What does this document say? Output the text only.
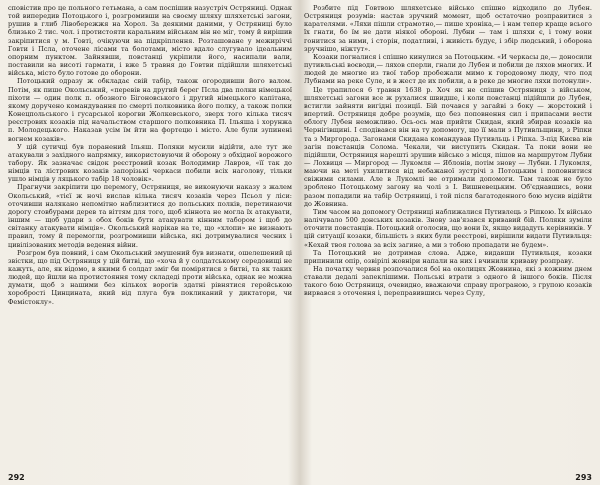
сповістив про це польного гетьмана, а сам поспішив назустріч Остряниці. Однак той випередив Потоцького і, розгромивши на своєму шляху шляхетські загони, рушив в глиб Лівобережжя на Хорол. За деякими даними, у Остряниці було близько 2 тис. чол. і протистояти каральним військам він не міг, тому й вирішив закріпитися у м. Говті, очікуючи на підкріплення. Розташоване у межиріччі Говти і Псла, оточене лісами та болотами, місто вдало слугувало ідеальним опорним пунктом. Зайнявши, повстанці укріпили його, насипали вали, поставили на висоті гармати, і вже 5 травня до Говтви підійшли шляхетські війська, місто було готове до оборони.

Потоцький одразу ж обкладає свій табір, також огородивши його валом. Потім, як пише Окольський, «перевів на другий берег Псла два полки німецької піхоти — один полк п. обозного Бігоновського і другий німецького капітана, якому доручено командування по смерті полковника його полку, а також полки Конецпольського і гусарської корогви Жолкевського, зверх того кілька тисяч реєстрових козаків під начальством старшого полковника П. Ільяша і хорунжа п. Молодецького. Наказав усім їм йти на фортецю і місто. Але були зупинені вогнем козаків».

У цій сутичці був поранений Ільяш. Поляки мусили відійти, але тут же атакували з західного напрямку, використовуючи й оборону з обхідної ворожого табору. Як зазначає свідок реєстровий козак Володимир Лавров, «її так до німців та лістрових козаків запорізькі черкаси побили всіх наголову, тільки ушло німців у ляцького табір 18 чоловік».

Прагнучи закріпити цю перемогу, Остряниця, не виконуючи наказу з жалем Окольський, «тієї ж ночі вислав кілька тисяч козаків через Псьол у ліси: оточивши налякано непомітно наблизитися до польських полків, перетинаючи дорогу стовбурами дерев та віттям для того, щоб кіннота не могла їх атакувати, іншим — щоб удари з обох боків бути атакувати кінним табором і щоб до світанку атакувати німців». Окольський нарікав на те, що «хлопи» не визнають правил, тому й перемогли, розгромивши війська, які дотримувалися чесних і цивілізованих методів ведення війни.

Розгром був повний, і сам Окольський змушений був визнати, ошелешений ці звістки, що під Остряниця у цій битві, що «хоча й у солдатському середовищі не кажуть, але, як відомо, в якими б солдат зміг би помірятися з битві, та як таких людей, що йшли на протистояння тому складеді проти війська, однак не можна думати, щоб з нашими без кількох ворогів здатні рівнятися геройською хоробрості Цинцината, який від плуга був покликаний у диктатори, чи Фемістоклу».

292

Розбите під Говтвою шляхетське військо спішно відходило до Лубен. Остряниця розумів: настав зручний момент, щоб остаточно розправитися з карателями. «Ляхи пішли страмотно,— пише хроніка,— і нам тепер краще всього їх гнати, бо їм не дати ніякої обороні. Лубни — там і шляхи є, і тому вони гонитися за ними, і сторін, податливі, і живість будує, і збір людський, і оборона зручнішо, ніжтут».

Козаки погналися і спішно кинулися за Потоцьким. «И черкасы де,— доносили путивльські воєводи,— ляхов сперли, гнали до Лубен и побили де ляхов многих. И людей де многие из твої табор пробежали мимо к городовому люду, что под Лубнами на реке Суле, и в жест де их побили, а в реке де многие ляхи потонули».

Це трапилося 6 травня 1638 р. Хоч як не спішив Остряниця з військом, шляхетські загони все ж рухалися швидше, і коли повстанці підійшли до Лубен, встигли зайняти вигідні позиції. Бій почався у загайві з боку — жорстокий і впертий. Остряниця добре розумів, що без поповнення сил і припасами вести облогу Лубен неможливо. Ось-ось мав прийти Скидан, який збирав козаків на Чернігівщині. І сподівався він на ту допомогу, що її мали з Путивльщини, з Ріпки та з Миргорода. Загонами Скидана командував Путивльць і Ріпка. З-під Києва вів загін повстанців Солома. Чекали, чи виступить Скидан. Та поки вони не підійшли, Остряниця нарешті зрушив військо з місця, пішов на маршрутом Лубни — Лохвиця — Миргород — Лукомля — Яблонів, потім знову — Лубни. І Лукомля, маючи на меті ухилитися від небажаної зустрічі з Потоцьким і поповнитися свіжими силами. Але в Лукомлі не отримали допомоги. Там також не було зроблено Потоцькому загону на чолі з І. Вишневецьким. Об'єднавшись, вони разом попадили на табір Остряниці, і той після багатоденного бою мусив відійти до Жовнина.

Тим часом на допомогу Остряниці наближалися Путивлець з Ріпкою. Їх військо налічувало 500 донських козаків. Знову зав'язався кривавий бій. Поляки зуміли оточити повстанців. Потоцький оголосив, що вони їх, якщо видадуть керівників. У цій ситуації козаки, більшість з яких були реєстрові, вирішили видати Путивльця: «Кехай твоя голова за всіх загине, а ми з тобою пропадати не будем».

Та Потоцький не дотримав слова. Адже, видавши Путивльця, козаки припинили опір, озвірілі жовніри напали на них і вчинили криваву розправу.

На початку червня розпочалися бої на околицях Жовнина, які з кожним днем ставали дедалі запеклішими. Польські втрати з одного й іншого боків. Після такого бою Остряниця, очевидно, вважаючи справу програною, з групою козаків вирвався з оточення і, переправившись через Сулу,

293
